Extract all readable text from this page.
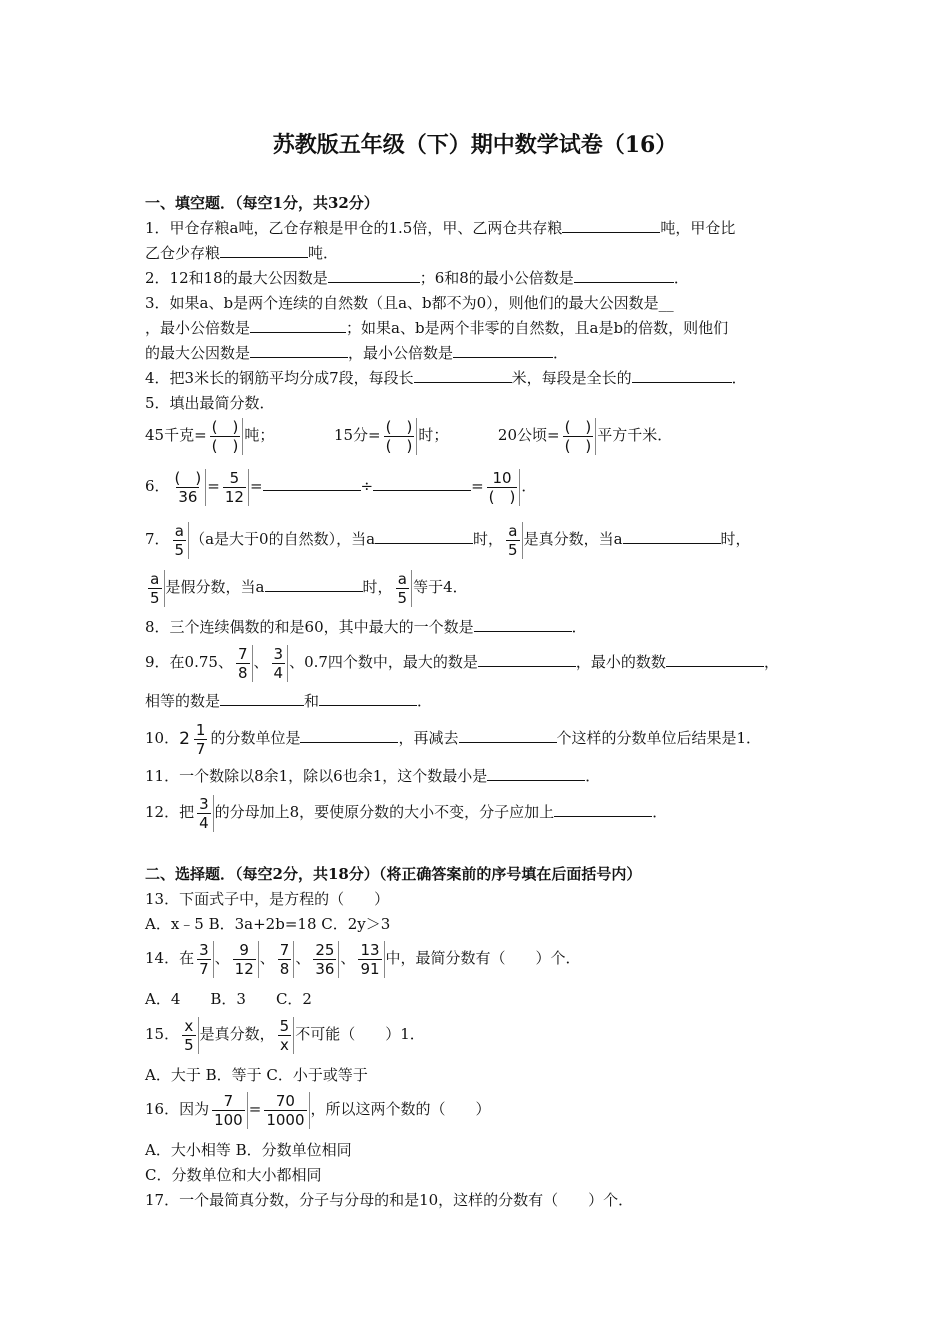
苏教版五年级（下）期中数学试卷（16）
一、填空题．（每空1分，共32分）
1．甲仓存粮a吨，乙仓存粮是甲仓的1.5倍，甲、乙两仓共存粮	吨，甲仓比
乙仓少存粮	吨．
2．12和18的最大公因数是	；6和8的最小公倍数是	．
3．如果a、b是两个连续的自然数（且a、b都不为0），则他们的最大公因数是__
，最小公倍数是	；如果a、b是两个非零的自然数，且a是b的倍数，则他们
的最大公因数是	，最小公倍数是	．
4．把3米长的钢筋平均分成7段，每段长	米，每段是全长的	．
5．填出最简分数．
45千克= $\frac{( )}{( )}$ 吨；	15分= $\frac{( )}{( )}$ 时；	20公顷= $\frac{( )}{( )}$ 平方千米．
6． $\frac{( )}{36} = \frac{5}{12}$ =	÷	= $\frac{10}{( )}$ ．
7． $\frac{a}{5} (a$是大于0的自然数），当a	时， $\frac{a}{5}$ 是真分数，当a	时，
$\frac{a}{5}$ 是假分数，当a	时， $\frac{a}{5}$ 等于4．
8．三个连续偶数的和是60，其中最大的一个数是	．
9．在0.75、 $\frac{7}{8}$ 、 $\frac{3}{4}$ 、0.7四个数中，最大的数是	，最小的数数	，
相等的数是	和	．
10． $2 \frac{1}{7}$ 的分数单位是	，再减去	个这样的分数单位后结果是1．
11．一个数除以8余1，除以6也余1，这个数最小是	．
12．把 $\frac{3}{4}$ 的分母加上8，要使原分数的大小不变，分子应加上	．
二、选择题．（每空2分，共18分）（将正确答案前的序号填在后面括号内）
13．下面式子中，是方程的（　　）
A．x﹣5 B．3a+2b=18 C．2y＞3
14．在 $\frac{3}{7}$ 、 $\frac{9}{12}$ 、 $\frac{7}{8}$ 、 $\frac{25}{36}$ 、 $\frac{13}{91}$ 中，最简分数有（　　）个．
A．4　　B．3　　C．2
15． $\frac{x}{5}$ 是真分数， $\frac{5}{x}$ 不可能（　　）1．
A．大于 B．等于 C．小于或等于
16．因为 $\frac{7}{100} = \frac{70}{1000}$ ，所以这两个数的（　　）
A．大小相等 B．分数单位相同
C．分数单位和大小都相同
17．一个最简真分数，分子与分母的和是10，这样的分数有（　　）个．
